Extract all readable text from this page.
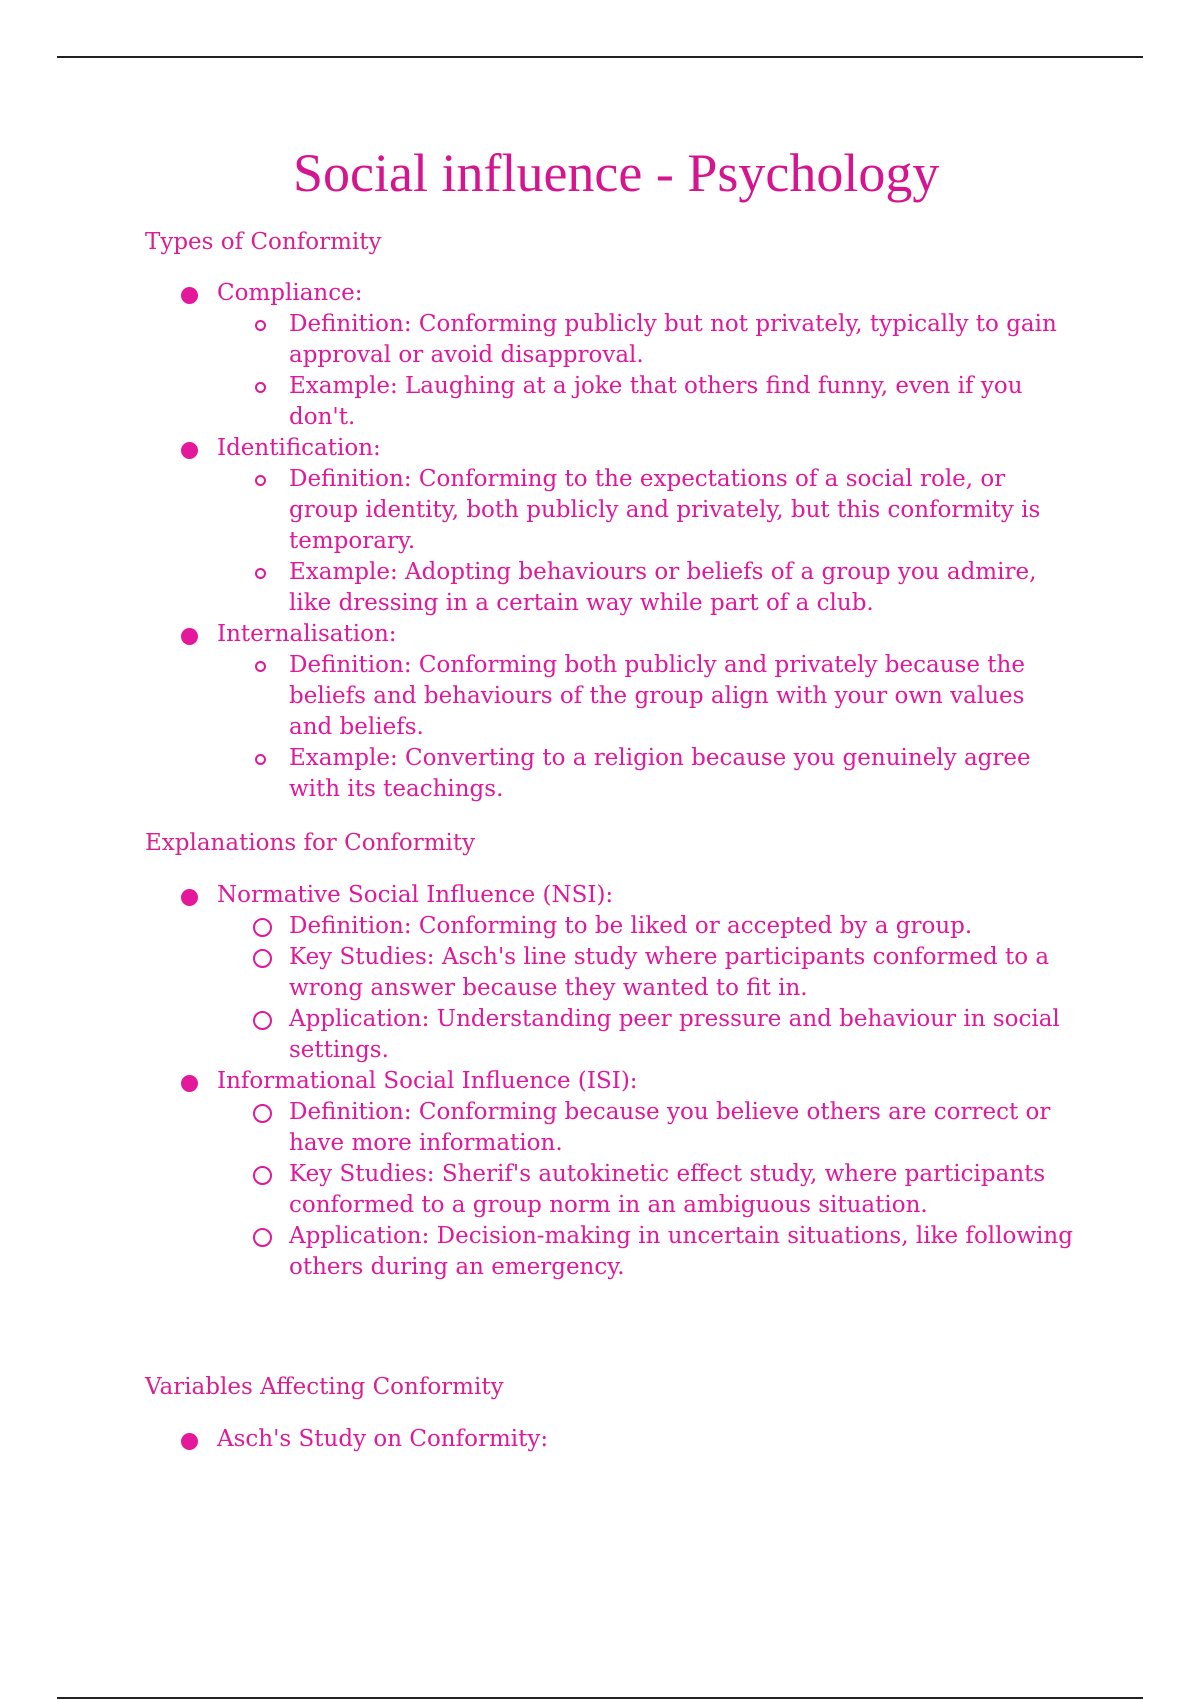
Social influence - Psychology
Types of Conformity
Compliance:
Definition: Conforming publicly but not privately, typically to gain approval or avoid disapproval.
Example: Laughing at a joke that others find funny, even if you don't.
Identification:
Definition: Conforming to the expectations of a social role, or group identity, both publicly and privately, but this conformity is temporary.
Example: Adopting behaviours or beliefs of a group you admire, like dressing in a certain way while part of a club.
Internalisation:
Definition: Conforming both publicly and privately because the beliefs and behaviours of the group align with your own values and beliefs.
Example: Converting to a religion because you genuinely agree with its teachings.
Explanations for Conformity
Normative Social Influence (NSI):
Definition: Conforming to be liked or accepted by a group.
Key Studies: Asch's line study where participants conformed to a wrong answer because they wanted to fit in.
Application: Understanding peer pressure and behaviour in social settings.
Informational Social Influence (ISI):
Definition: Conforming because you believe others are correct or have more information.
Key Studies: Sherif's autokinetic effect study, where participants conformed to a group norm in an ambiguous situation.
Application: Decision-making in uncertain situations, like following others during an emergency.
Variables Affecting Conformity
Asch's Study on Conformity:
